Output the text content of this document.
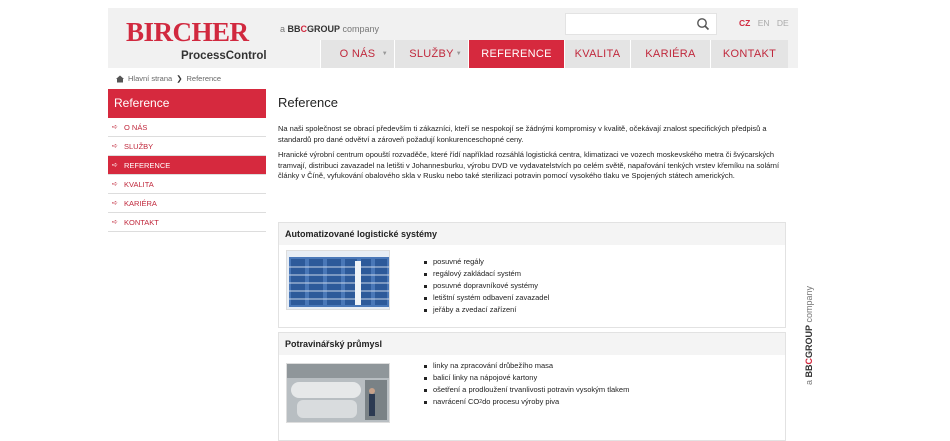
BIRCHER
ProcessControl
a BBCGROUP company
CZ EN DE
O NÁS ▼ SLUŽBY ▼ REFERENCE KVALITA KARIÉRA KONTAKT
Hlavní strana ❯ Reference
Reference
➪ O NÁS
➪ SLUŽBY
➪ REFERENCE
➪ KVALITA
➪ KARIÉRA
➪ KONTAKT
Reference

Na naši společnost se obrací především ti zákazníci, kteří se nespokojí se žádnými kompromisy v kvalitě, očekávají znalost specifických předpisů a standardů pro dané odvětví a zároveň požadují konkurenceschopné ceny.

Hranické výrobní centrum opouští rozvaděče, které řídí například rozsáhlá logistická centra, klimatizaci ve vozech moskevského metra či švýcarských tramvají, distribuci zavazadel na letišti v Johannesburku, výrobu DVD ve vydavatelstvích po celém světě, napařování tenkých vrstev křemíku na solární články v Číně, vyfukování obalového skla v Rusku nebo také sterilizaci potravin pomocí vysokého tlaku ve Spojených státech amerických.

Automatizované logistické systémy
posuvné regály
regálový zakládací systém
posuvné dopravníkové systémy
letištní systém odbavení zavazadel
jeřáby a zvedací zařízení
Potravinářský průmysl
linky na zpracování drůbežího masa
balicí linky na nápojové kartony
ošetření a prodloužení trvanlivosti potravin vysokým tlakem
navrácení CO 2 do procesu výroby piva
a BBCGROUP company
